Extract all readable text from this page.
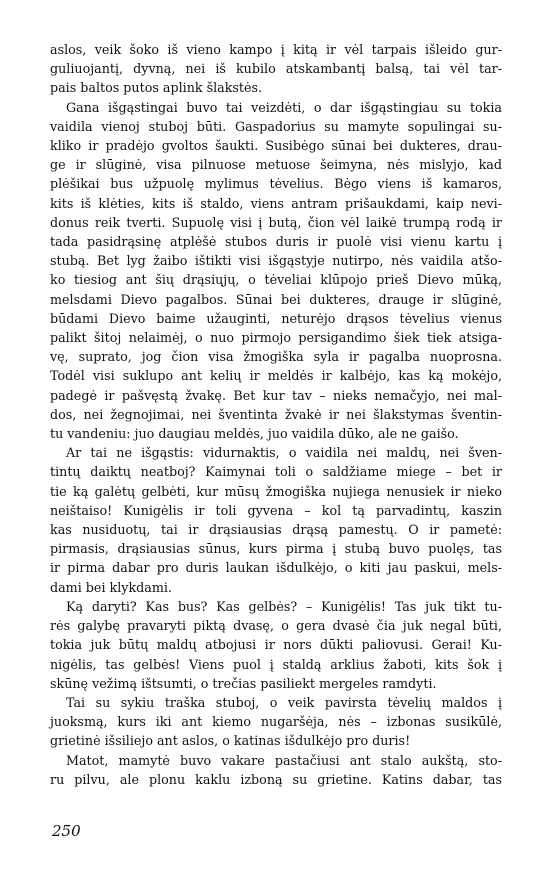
aslos, veik šoko iš vieno kampo į kitą ir vėl tarpais išleido gur-
guliuojantį, dyvną, nei iš kubilo atskambantį balsą, tai vėl tar-
pais baltos putos aplink šlakstės.
Gana išgąstingai buvo tai veizdėti, o dar išgąstingiau su tokia
vaidila vienoj stuboj būti. Gaspadorius su mamyte sopulingai su-
kliko ir pradėjo gvoltos šaukti. Susibėgo sūnai bei dukteres, drau-
ge ir slūginė, visa pilnuose metuose šeimyna, nės mislyjo, kad
plėšikai bus užpuolę mylimus tėvelius. Bėgo viens iš kamaros,
kits iš klėties, kits iš staldo, viens antram prišaukdami, kaip nevi-
donus reik tverti. Supuolę visi į butą, čion vėl laikė trumpą rodą ir
tada pasidrąsinę atplėšė stubos duris ir puolė visi vienu kartu į
stubą. Bet lyg žaibo ištikti visi išgąstyje nutirpo, nės vaidila atšo-
ko tiesiog ant šių drąsiųjų, o tėveliai klūpojo prieš Dievo mūką,
melsdami Dievo pagalbos. Sūnai bei dukteres, drauge ir slūginė,
būdami Dievo baime užauginti, neturėjo drąsos tėvelius vienus
palikt šitoj nelaimėj, o nuo pirmojo persigandimo šiek tiek atsiga-
vę, suprato, jog čion visa žmogiška syla ir pagalba nuoprosna.
Todėl visi suklupo ant kelių ir meldės ir kalbėjo, kas ką mokėjo,
padegė ir pašvęstą žvakę. Bet kur tav – nieks nemačyjo, nei mal-
dos, nei žegnojimai, nei šventinta žvakė ir nei šlakstymas šventin-
tu vandeniu: juo daugiau meldės, juo vaidila dūko, ale ne gaišo.
Ar tai ne išgąstis: vidurnaktis, o vaidila nei maldų, nei šven-
tintų daiktų neatboj? Kaimynai toli o saldžiame miege – bet ir
tie ką galėtų gelbėti, kur mūsų žmogiška nujiega nenusiek ir nieko
neištaiso! Kunigėlis ir toli gyvena – kol tą parvadintų, kaszin
kas nusiduotų, tai ir drąsiausias drąsą pamestų. O ir pametė:
pirmasis, drąsiausias sūnus, kurs pirma į stubą buvo puolęs, tas
ir pirma dabar pro duris laukan išdulkėjo, o kiti jau paskui, mels-
dami bei klykdami.
Ką daryti? Kas bus? Kas gelbės? – Kunigėlis! Tas juk tikt tu-
rės galybę pravaryti piktą dvasę, o gera dvasė čia juk negal būti,
tokia juk būtų maldų atbojusi ir nors dūkti paliovusi. Gerai! Ku-
nigėlis, tas gelbės! Viens puol į staldą arklius žaboti, kits šok į
skūnę vežimą ištsumti, o trečias pasiliekt mergeles ramdyti.
Tai su sykiu traška stuboj, o veik pavirsta tėvelių maldos į
juoksmą, kurs iki ant kiemo nugaršėja, nės – izbonas susikūlė,
grietinė išsiliejo ant aslos, o katinas išdulkėjo pro duris!
Matot, mamytė buvo vakare pastačiusi ant stalo aukštą, sto-
ru pilvu, ale plonu kaklu izboną su grietine. Katins dabar, tas
250
